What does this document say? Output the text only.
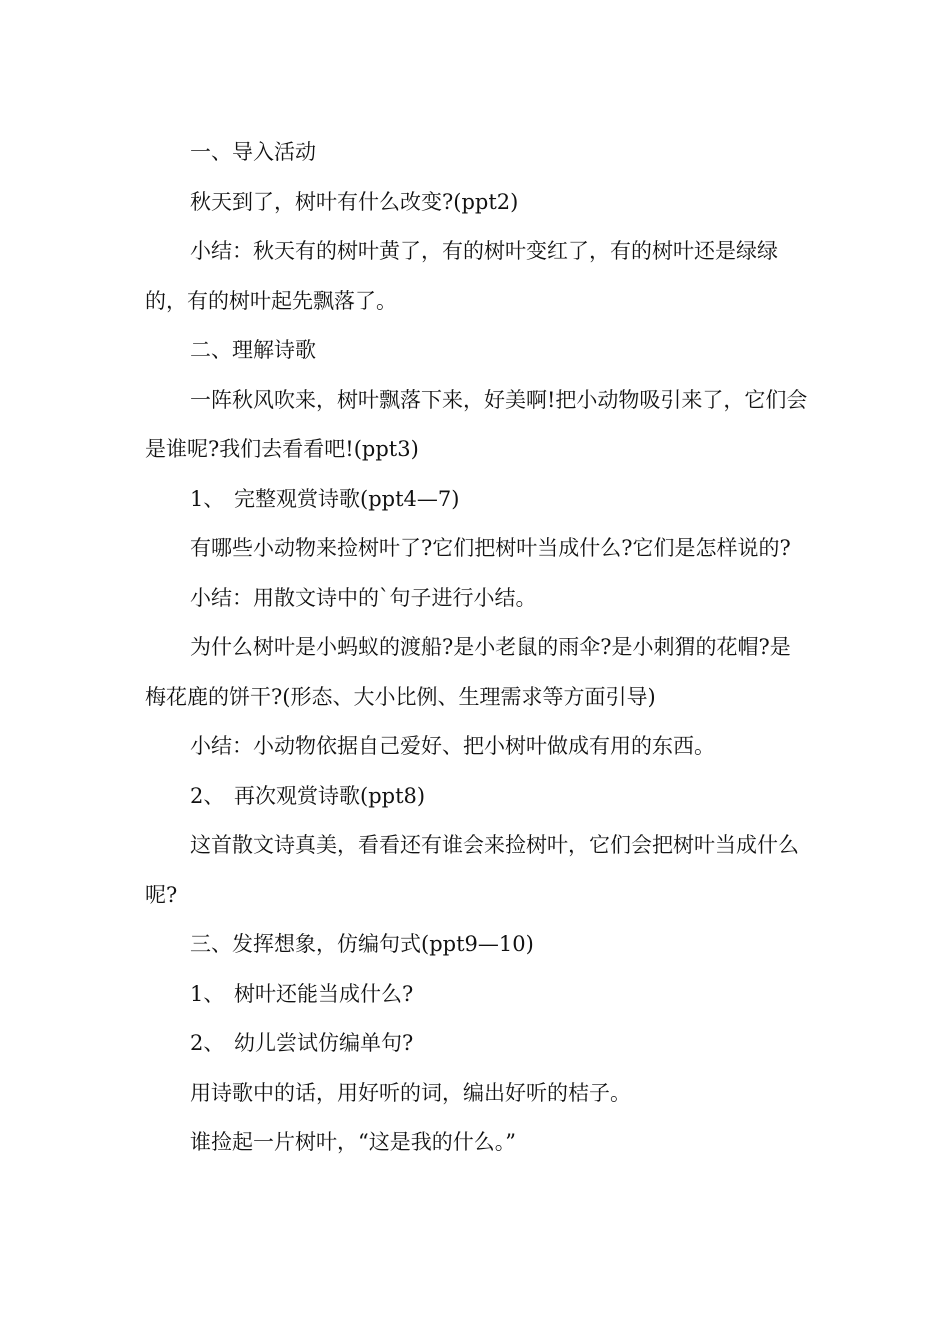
一、导入活动

秋天到了，树叶有什么改变?(ppt2)

小结：秋天有的树叶黄了，有的树叶变红了，有的树叶还是绿绿的，有的树叶起先飘落了。

二、理解诗歌

一阵秋风吹来，树叶飘落下来，好美啊!把小动物吸引来了，它们会是谁呢?我们去看看吧!(ppt3)

1、 完整观赏诗歌(ppt4—7)

有哪些小动物来捡树叶了?它们把树叶当成什么?它们是怎样说的?

小结：用散文诗中的`句子进行小结。

为什么树叶是小蚂蚁的渡船?是小老鼠的雨伞?是小刺猬的花帽?是梅花鹿的饼干?(形态、大小比例、生理需求等方面引导)

小结：小动物依据自己爱好、把小树叶做成有用的东西。

2、 再次观赏诗歌(ppt8)

这首散文诗真美，看看还有谁会来捡树叶，它们会把树叶当成什么呢?

三、发挥想象，仿编句式(ppt9—10)

1、 树叶还能当成什么?

2、 幼儿尝试仿编单句?

用诗歌中的话，用好听的词，编出好听的桔子。

谁捡起一片树叶，“这是我的什么。”
